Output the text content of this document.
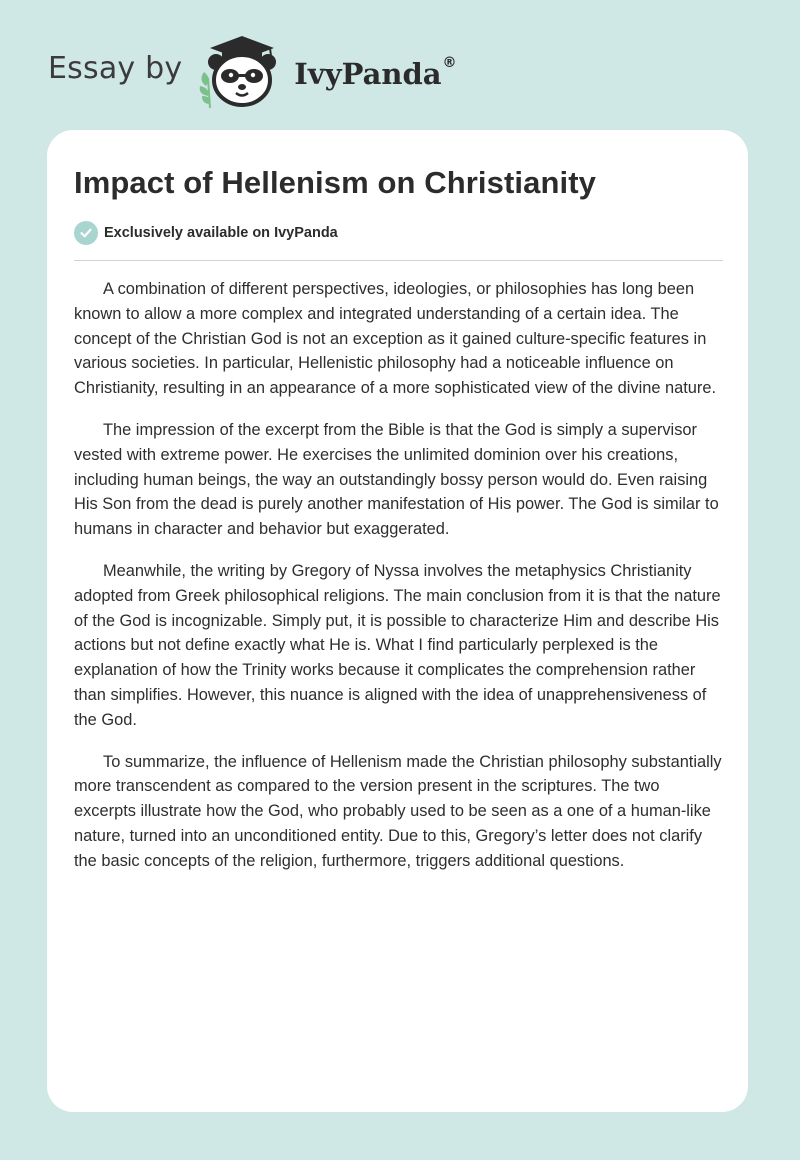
Essay by	IvyPanda®
Impact of Hellenism on Christianity
Exclusively available on IvyPanda

A combination of different perspectives, ideologies, or philosophies has long been known to allow a more complex and integrated understanding of a certain idea. The concept of the Christian God is not an exception as it gained culture-specific features in various societies. In particular, Hellenistic philosophy had a noticeable influence on Christianity, resulting in an appearance of a more sophisticated view of the divine nature.

The impression of the excerpt from the Bible is that the God is simply a supervisor vested with extreme power. He exercises the unlimited dominion over his creations, including human beings, the way an outstandingly bossy person would do. Even raising His Son from the dead is purely another manifestation of His power. The God is similar to humans in character and behavior but exaggerated.

Meanwhile, the writing by Gregory of Nyssa involves the metaphysics Christianity adopted from Greek philosophical religions. The main conclusion from it is that the nature of the God is incognizable. Simply put, it is possible to characterize Him and describe His actions but not define exactly what He is. What I find particularly perplexed is the explanation of how the Trinity works because it complicates the comprehension rather than simplifies. However, this nuance is aligned with the idea of unapprehensiveness of the God.

To summarize, the influence of Hellenism made the Christian philosophy substantially more transcendent as compared to the version present in the scriptures. The two excerpts illustrate how the God, who probably used to be seen as a one of a human-like nature, turned into an unconditioned entity. Due to this, Gregory’s letter does not clarify the basic concepts of the religion, furthermore, triggers additional questions.
